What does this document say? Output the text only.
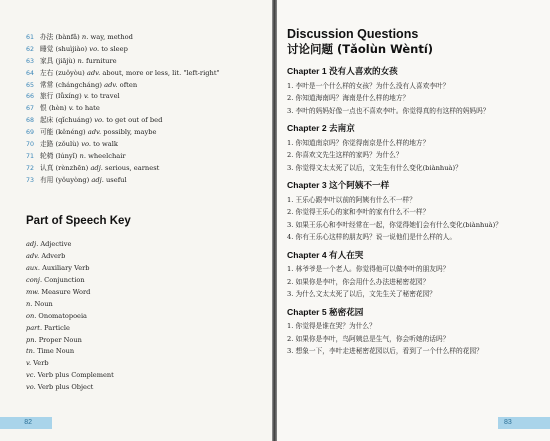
61 办法 (bànfǎ) n. way, method
62 睡觉 (shuìjiào) vo. to sleep
63 家具 (jiājù) n. furniture
64 左右 (zuǒyòu) adv. about, more or less, lit. "left-right"
65 常常 (chángcháng) adv. often
66 旅行 (lǚxíng) v. to travel
67 恨 (hèn) v. to hate
68 起床 (qǐchuáng) vo. to get out of bed
69 可能 (kěnéng) adv. possibly, maybe
70 走路 (zǒulù) vo. to walk
71 轮椅 (lúnyǐ) n. wheelchair
72 认真 (rènzhēn) adj. serious, earnest
73 有用 (yǒuyòng) adj. useful
Part of Speech Key
adj. Adjective
adv. Adverb
aux. Auxiliary Verb
conj. Conjunction
mw. Measure Word
n. Noun
on. Onomatopoeia
part. Particle
pn. Proper Noun
tn. Time Noun
v. Verb
vc. Verb plus Complement
vo. Verb plus Object
82
Discussion Questions
讨论问题 (Tǎolùn Wèntí)
Chapter 1 没有人喜欢的女孩
1. 李叶是一个什么样的女孩？为什么没有人喜欢李叶？
2. 你知道海南吗？海南是什么样的地方？
3. 李叶的妈妈好像一点也不喜欢李叶。你觉得真的有这样的妈妈吗？
Chapter 2 去南京
1. 你知道南京吗？你觉得南京是什么样的地方？
2. 你喜欢文先生这样的家吗？为什么？
3. 你觉得文太太死了以后，文先生有什么变化(biànhuà)？
Chapter 3 这个阿姨不一样
1. 王乐心跟李叶以前的阿姨有什么不一样？
2. 你觉得王乐心的家和李叶的家有什么不一样？
3. 如果王乐心和李叶经常在一起，你觉得她们会有什么变化(biànhuà)？
4. 你有王乐心这样的朋友吗？说一说他们是什么样的人。
Chapter 4 有人在哭
1. 林爷爷是一个老人。你觉得他可以做李叶的朋友吗？
2. 如果你是李叶，你会用什么办法进秘密花园？
3. 为什么文太太死了以后，文先生关了秘密花园？
Chapter 5 秘密花园
1. 你觉得是谁在哭？为什么？
2. 如果你是李叶，鸟阿姨总是生气，你会听她的话吗？
3. 想象一下，李叶走进秘密花园以后，看到了一个什么样的花园？
83
